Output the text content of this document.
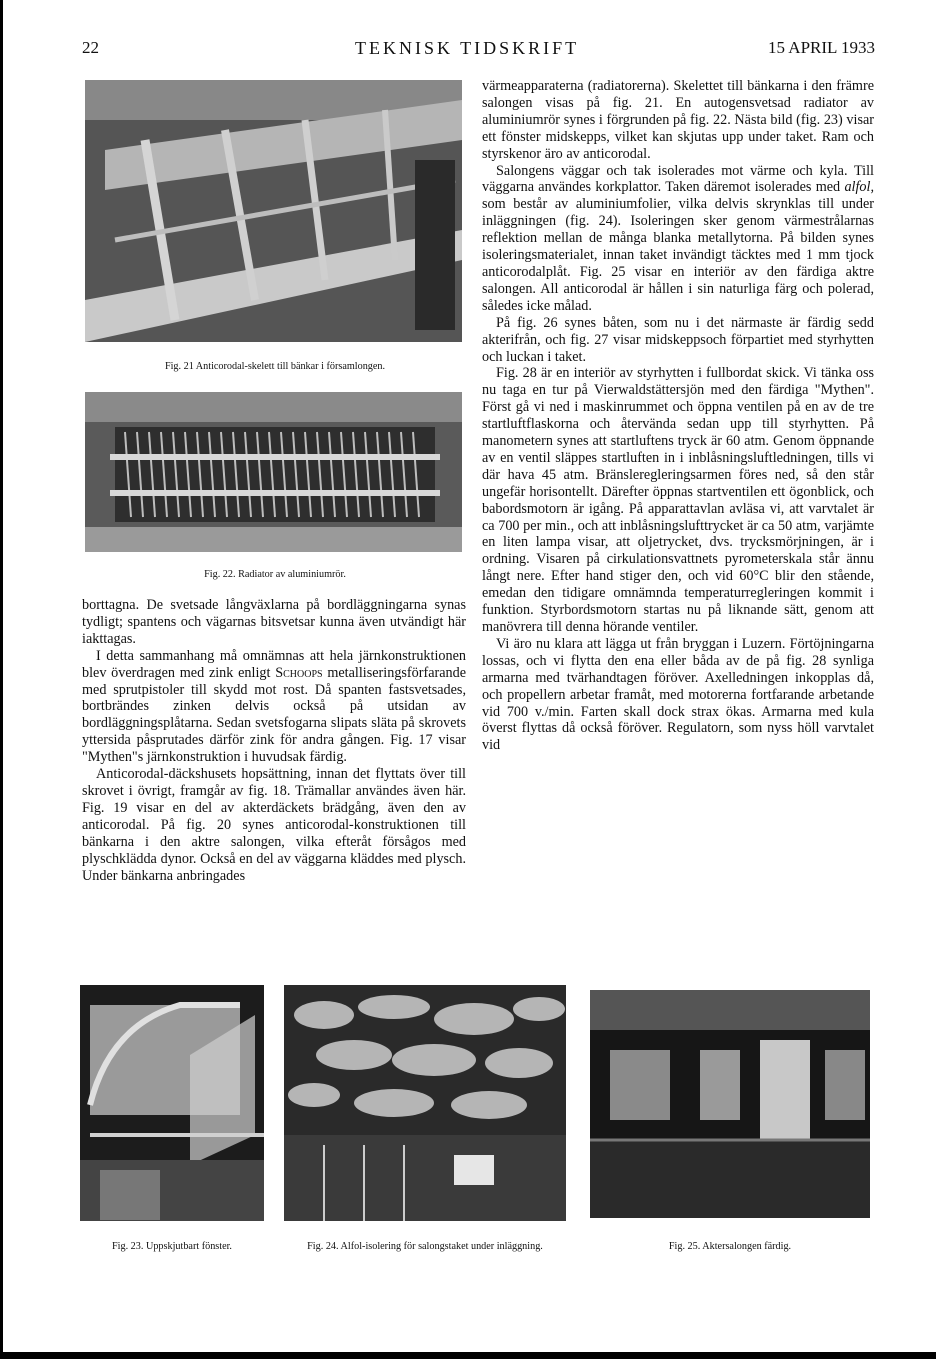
22	TEKNISK TIDSKRIFT	15 APRIL 1933
Fig. 21 Anticorodal-skelett till bänkar i församlongen.
Fig. 22. Radiator av aluminiumrör.

borttagna. De svetsade långväxlarna på bordläggningarna synas tydligt; spantens och vägarnas bitsvetsar kunna även utvändigt här iakttagas.

I detta sammanhang må omnämnas att hela järnkonstruktionen blev överdragen med zink enligt Schoops metalliseringsförfarande med sprutpistoler till skydd mot rost. Då spanten fastsvetsades, bortbrändes zinken delvis också på utsidan av bordläggningsplåtarna. Sedan svetsfogarna slipats släta på skrovets yttersida påsprutades därför zink för andra gången. Fig. 17 visar "Mythen"s järnkonstruktion i huvudsak färdig.

Anticorodal-däckshusets hopsättning, innan det flyttats över till skrovet i övrigt, framgår av fig. 18. Trämallar användes även här. Fig. 19 visar en del av akterdäckets brädgång, även den av anticorodal. På fig. 20 synes anticorodal-konstruktionen till bänkarna i den aktre salongen, vilka efteråt försågos med plyschklädda dynor. Också en del av väggarna kläddes med plysch. Under bänkarna anbringades

värmeapparaterna (radiatorerna). Skelettet till bänkarna i den främre salongen visas på fig. 21. En autogensvetsad radiator av aluminiumrör synes i förgrunden på fig. 22. Nästa bild (fig. 23) visar ett fönster midskepps, vilket kan skjutas upp under taket. Ram och styrskenor äro av anticorodal.

Salongens väggar och tak isolerades mot värme och kyla. Till väggarna användes korkplattor. Taken däremot isolerades med alfol, som består av aluminiumfolier, vilka delvis skrynklas till under inläggningen (fig. 24). Isoleringen sker genom värmestrålarnas reflektion mellan de många blanka metallytorna. På bilden synes isoleringsmaterialet, innan taket invändigt täcktes med 1 mm tjock anticorodalplåt. Fig. 25 visar en interiör av den färdiga aktre salongen. All anticorodal är hållen i sin naturliga färg och polerad, således icke målad.

På fig. 26 synes båten, som nu i det närmaste är färdig sedd akterifrån, och fig. 27 visar midskeppsoch förpartiet med styrhytten och luckan i taket.

Fig. 28 är en interiör av styrhytten i fullbordat skick. Vi tänka oss nu taga en tur på Vierwaldstättersjön med den färdiga "Mythen". Först gå vi ned i maskinrummet och öppna ventilen på en av de tre startluftflaskorna och återvända sedan upp till styrhytten. På manometern synes att startluftens tryck är 60 atm. Genom öppnande av en ventil släppes startluften in i inblåsningsluftledningen, tills vi där hava 45 atm. Bränsleregleringsarmen föres ned, så den står ungefär horisontellt. Därefter öppnas startventilen ett ögonblick, och babordsmotorn är igång. På apparattavlan avläsa vi, att varvtalet är ca 700 per min., och att inblåsningslufttrycket är ca 50 atm, varjämte en liten lampa visar, att oljetrycket, dvs. trycksmörjningen, är i ordning. Visaren på cirkulationsvattnets pyrometerskala står ännu långt nere. Efter hand stiger den, och vid 60°C blir den stående, emedan den tidigare omnämnda temperaturregleringen kommit i funktion. Styrbordsmotorn startas nu på liknande sätt, genom att manövrera till denna hörande ventiler.

Vi äro nu klara att lägga ut från bryggan i Luzern. Förtöjningarna lossas, och vi flytta den ena eller båda av de på fig. 28 synliga armarna med tvärhandtagen föröver. Axelledningen inkopplas då, och propellern arbetar framåt, med motorerna fortfarande arbetande vid 700 v./min. Farten skall dock strax ökas. Armarna med kula överst flyttas då också föröver. Regulatorn, som nyss höll varvtalet vid

Fig. 23. Uppskjutbart fönster.	Fig. 24. Alfol-isolering för salongstaket under inläggning.	Fig. 25. Aktersalongen färdig.
